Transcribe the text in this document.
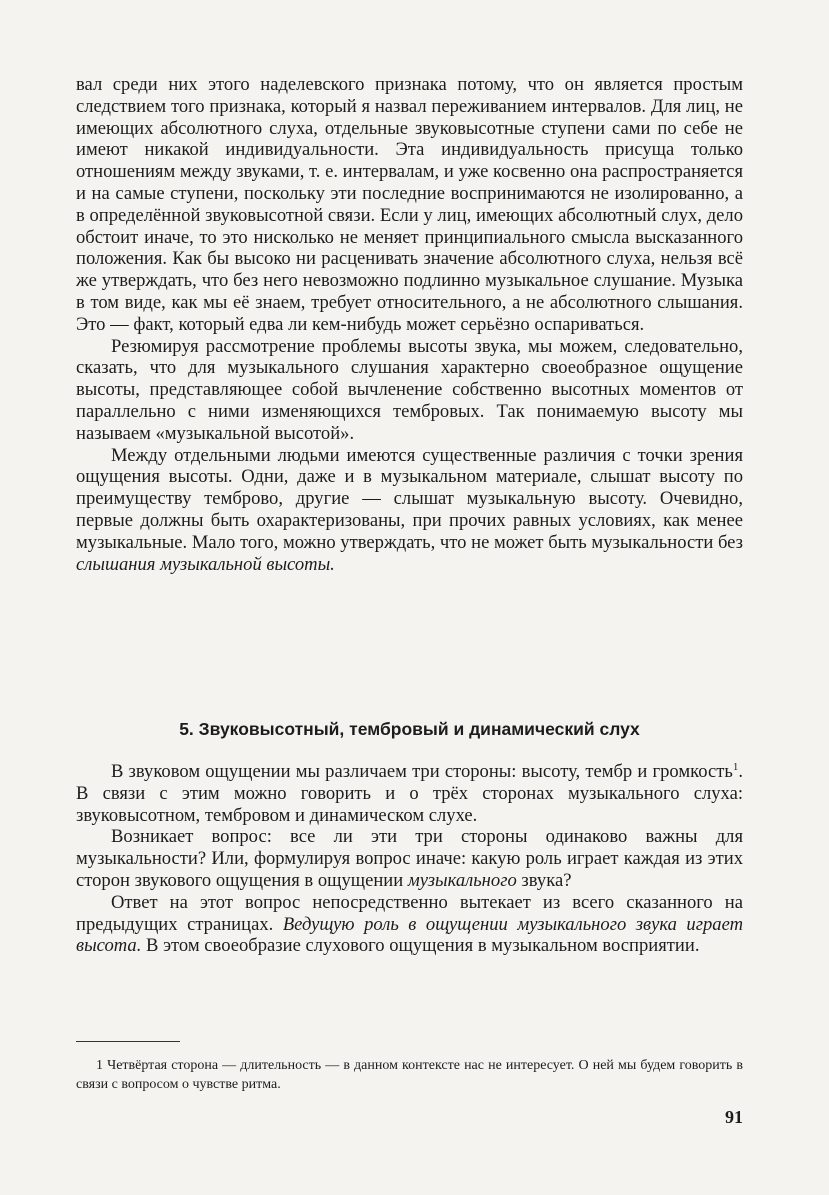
вал среди них этого наделевского признака потому, что он является простым следствием того признака, который я назвал переживанием интервалов. Для лиц, не имеющих абсолютного слуха, отдельные звуковысотные ступени сами по себе не имеют никакой индивидуальности. Эта индивидуальность присуща только отношениям между звуками, т. е. интервалам, и уже косвенно она распространяется и на самые ступени, поскольку эти последние воспринимаются не изолированно, а в определённой звуковысотной связи. Если у лиц, имеющих абсолютный слух, дело обстоит иначе, то это нисколько не меняет принципиального смысла высказанного положения. Как бы высоко ни расценивать значение абсолютного слуха, нельзя всё же утверждать, что без него невозможно подлинно музыкальное слушание. Музыка в том виде, как мы её знаем, требует относительного, а не абсолютного слышания. Это — факт, который едва ли кем-нибудь может серьёзно оспариваться.

Резюмируя рассмотрение проблемы высоты звука, мы можем, следовательно, сказать, что для музыкального слушания характерно своеобразное ощущение высоты, представляющее собой вычленение собственно высотных моментов от параллельно с ними изменяющихся тембровых. Так понимаемую высоту мы называем «музыкальной высотой».

Между отдельными людьми имеются существенные различия с точки зрения ощущения высоты. Одни, даже и в музыкальном материале, слышат высоту по преимуществу темброво, другие — слышат музыкальную высоту. Очевидно, первые должны быть охарактеризованы, при прочих равных условиях, как менее музыкальные. Мало того, можно утверждать, что не может быть музыкальности без слышания музыкальной высоты.

5. Звуковысотный, тембровый и динамический слух

В звуковом ощущении мы различаем три стороны: высоту, тембр и громкость$^1$. В связи с этим можно говорить и о трёх сторонах музыкального слуха: звуковысотном, тембровом и динамическом слухе.

Возникает вопрос: все ли эти три стороны одинаково важны для музыкальности? Или, формулируя вопрос иначе: какую роль играет каждая из этих сторон звукового ощущения в ощущении музыкального звука?

Ответ на этот вопрос непосредственно вытекает из всего сказанного на предыдущих страницах. Ведущую роль в ощущении музыкального звука играет высота. В этом своеобразие слухового ощущения в музыкальном восприятии.

1 Четвёртая сторона — длительность — в данном контексте нас не интересует. О ней мы будем говорить в связи с вопросом о чувстве ритма.

91
